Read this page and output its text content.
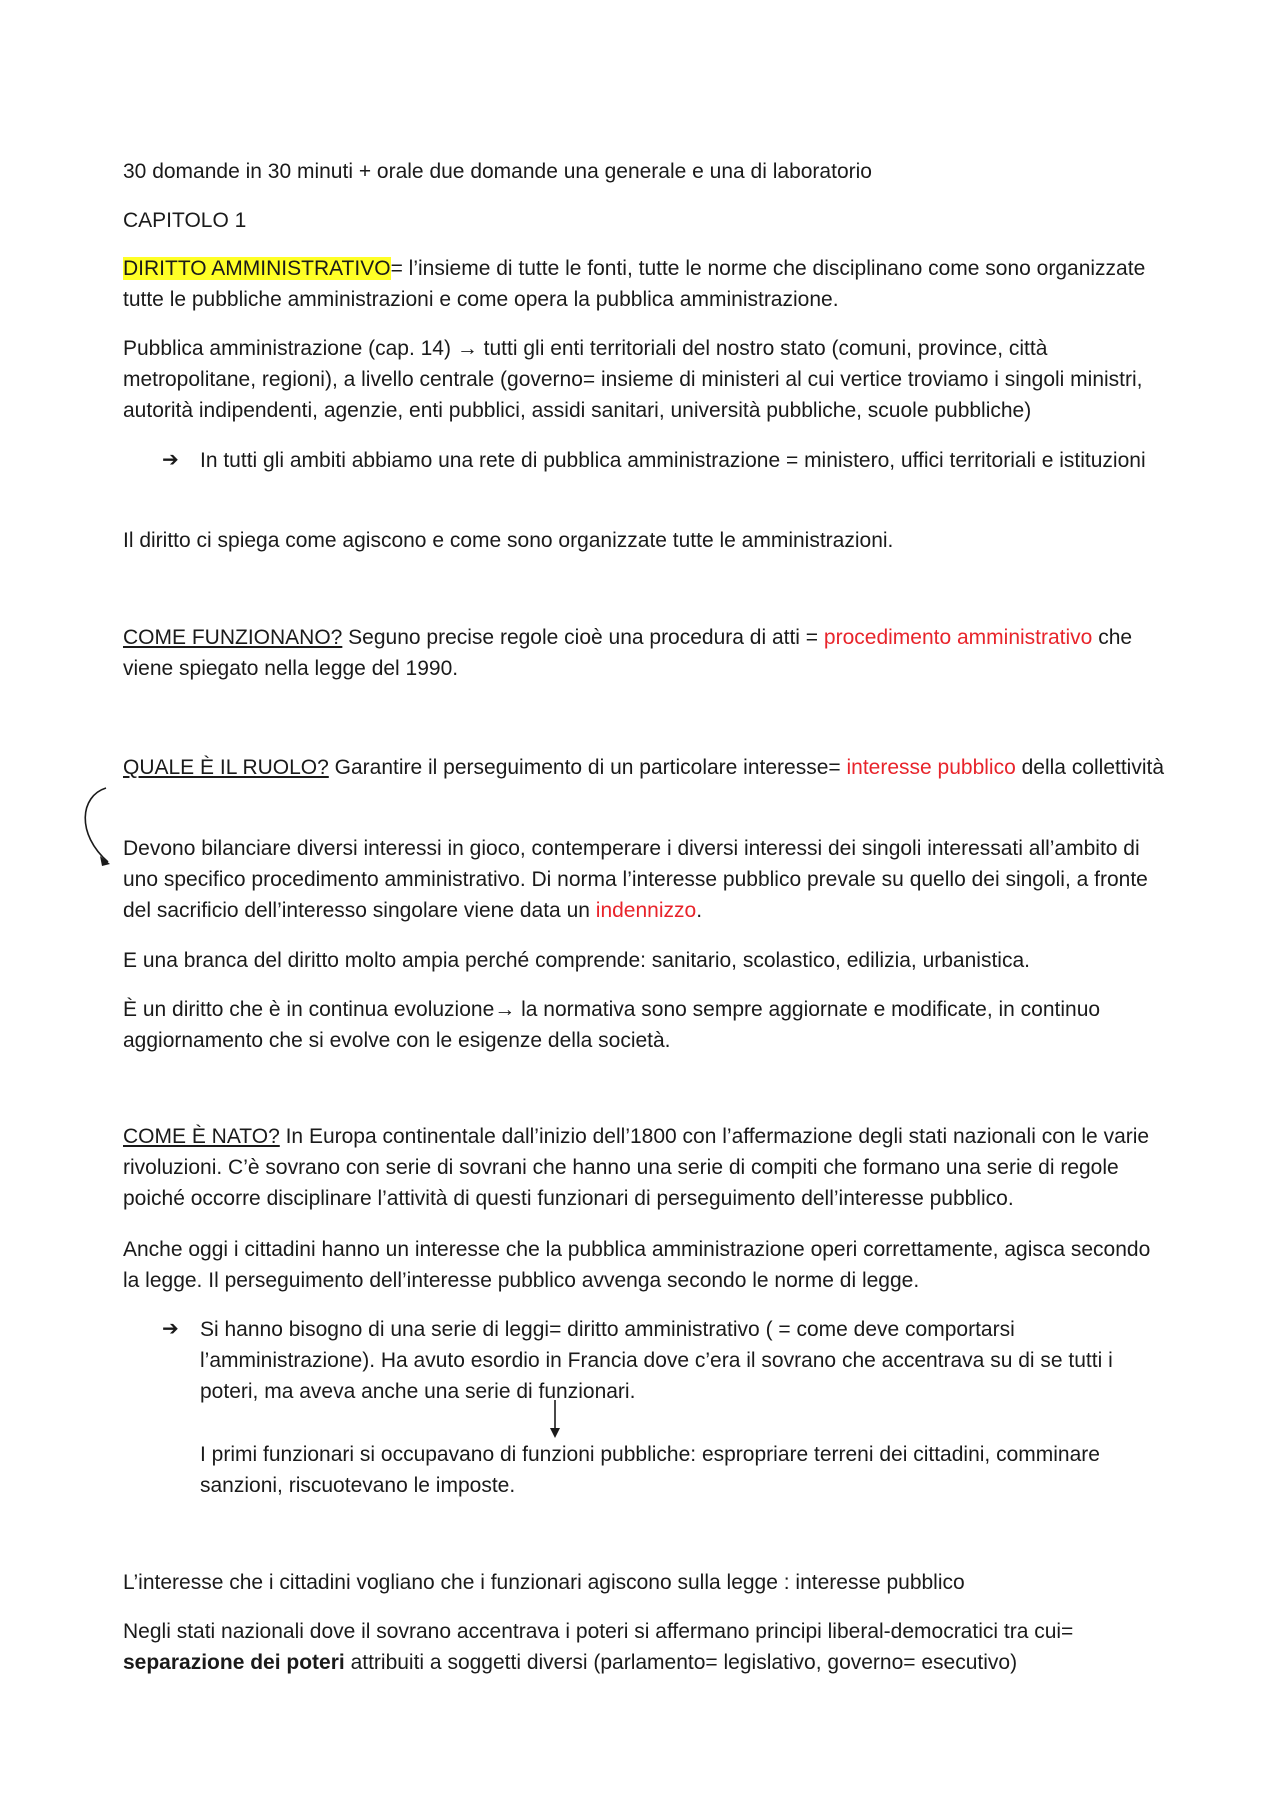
30 domande in 30 minuti + orale due domande una generale e una di laboratorio

CAPITOLO 1

DIRITTO AMMINISTRATIVO= l’insieme di tutte le fonti, tutte le norme che disciplinano come sono organizzate tutte le pubbliche amministrazioni e come opera la pubblica amministrazione.

Pubblica amministrazione (cap. 14) → tutti gli enti territoriali del nostro stato (comuni, province, città metropolitane, regioni), a livello centrale (governo= insieme di ministeri al cui vertice troviamo i singoli ministri, autorità indipendenti, agenzie, enti pubblici, assidi sanitari, università pubbliche, scuole pubbliche)

➔ In tutti gli ambiti abbiamo una rete di pubblica amministrazione = ministero, uffici territoriali e istituzioni

Il diritto ci spiega come agiscono e come sono organizzate tutte le amministrazioni.

COME FUNZIONANO? Seguno precise regole cioè una procedura di atti = procedimento amministrativo che viene spiegato nella legge del 1990.

QUALE È IL RUOLO? Garantire il perseguimento di un particolare interesse= interesse pubblico della collettività

Devono bilanciare diversi interessi in gioco, contemperare i diversi interessi dei singoli interessati all’ambito di uno specifico procedimento amministrativo. Di norma l’interesse pubblico prevale su quello dei singoli, a fronte del sacrificio dell’interesso singolare viene data un indennizzo.

E una branca del diritto molto ampia perché comprende: sanitario, scolastico, edilizia, urbanistica.

È un diritto che è in continua evoluzione→ la normativa sono sempre aggiornate e modificate, in continuo aggiornamento che si evolve con le esigenze della società.

COME È NATO? In Europa continentale dall’inizio dell’1800 con l’affermazione degli stati nazionali con le varie rivoluzioni. C’è sovrano con serie di sovrani che hanno una serie di compiti che formano una serie di regole poiché occorre disciplinare l’attività di questi funzionari di perseguimento dell’interesse pubblico.

Anche oggi i cittadini hanno un interesse che la pubblica amministrazione operi correttamente, agisca secondo la legge. Il perseguimento dell’interesse pubblico avvenga secondo le norme di legge.

➔ Si hanno bisogno di una serie di leggi= diritto amministrativo ( = come deve comportarsi l’amministrazione). Ha avuto esordio in Francia dove c’era il sovrano che accentrava su di se tutti i poteri, ma aveva anche una serie di funzionari.

I primi funzionari si occupavano di funzioni pubbliche: espropriare terreni dei cittadini, comminare sanzioni, riscuotevano le imposte.

L’interesse che i cittadini vogliano che i funzionari agiscono sulla legge : interesse pubblico

Negli stati nazionali dove il sovrano accentrava i poteri si affermano principi liberal-democratici tra cui= separazione dei poteri attribuiti a soggetti diversi (parlamento= legislativo, governo= esecutivo)
